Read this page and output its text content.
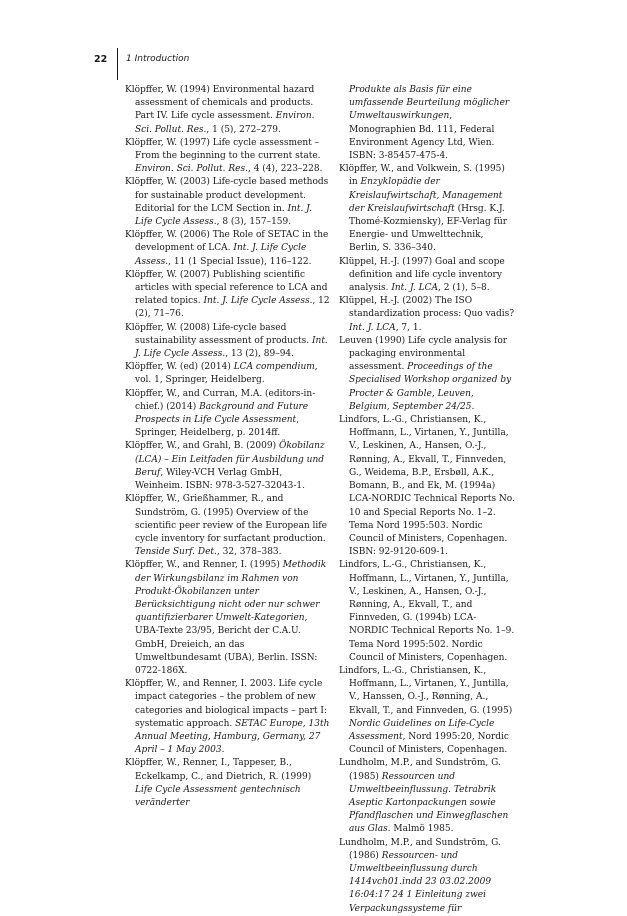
22 1 Introduction

Klöpffer, W. (1994) Environmental hazard assessment of chemicals and products. Part IV. Life cycle assessment. Environ. Sci. Pollut. Res., 1 (5), 272–279.

Klöpffer, W. (1997) Life cycle assessment – From the beginning to the current state. Environ. Sci. Pollut. Res., 4 (4), 223–228.

Klöpffer, W. (2003) Life-cycle based methods for sustainable product development. Editorial for the LCM Section in. Int. J. Life Cycle Assess., 8 (3), 157–159.

Klöpffer, W. (2006) The Role of SETAC in the development of LCA. Int. J. Life Cycle Assess., 11 (1 Special Issue), 116–122.

Klöpffer, W. (2007) Publishing scientific articles with special reference to LCA and related topics. Int. J. Life Cycle Assess., 12 (2), 71–76.

Klöpffer, W. (2008) Life-cycle based sustainability assessment of products. Int. J. Life Cycle Assess., 13 (2), 89–94.

Klöpffer, W. (ed) (2014) LCA compendium, vol. 1, Springer, Heidelberg.

Klöpffer, W., and Curran, M.A. (editors-in-chief.) (2014) Background and Future Prospects in Life Cycle Assessment, Springer, Heidelberg, p. 2014ff.

Klöpffer, W., and Grahl, B. (2009) Ökobilanz (LCA) – Ein Leitfaden für Ausbildung und Beruf, Wiley-VCH Verlag GmbH, Weinheim. ISBN: 978-3-527-32043-1.

Klöpffer, W., Grießhammer, R., and Sundström, G. (1995) Overview of the scientific peer review of the European life cycle inventory for surfactant production. Tenside Surf. Det., 32, 378–383.

Klöpffer, W., and Renner, I. (1995) Methodik der Wirkungsbilanz im Rahmen von Produkt-Ökobilanzen unter Berücksichtigung nicht oder nur schwer quantifizierbarer Umwelt-Kategorien, UBA-Texte 23/95, Bericht der C.A.U. GmbH, Dreieich, an das Umweltbundesamt (UBA), Berlin. ISSN: 0722-186X.

Klöpffer, W., and Renner, I. 2003. Life cycle impact categories – the problem of new categories and biological impacts – part I: systematic approach. SETAC Europe, 13th Annual Meeting, Hamburg, Germany, 27 April – 1 May 2003.

Klöpffer, W., Renner, I., Tappeser, B., Eckelkamp, C., and Dietrich, R. (1999) Life Cycle Assessment gentechnisch veränderter

Produkte als Basis für eine umfassende Beurteilung möglicher Umweltauswirkungen, Monographien Bd. 111, Federal Environment Agency Ltd, Wien. ISBN: 3-85457-475-4.

Klöpffer, W., and Volkwein, S. (1995) in Enzyklopädie der Kreislaufwirtschaft, Management der Kreislaufwirtschaft (Hrsg. K.J. Thomé-Kozmiensky), EF-Verlag für Energie- und Umwelttechnik, Berlin, S. 336–340.

Klüppel, H.-J. (1997) Goal and scope definition and life cycle inventory analysis. Int. J. LCA, 2 (1), 5–8.

Klüppel, H.-J. (2002) The ISO standardization process: Quo vadis? Int. J. LCA, 7, 1.

Leuven (1990) Life cycle analysis for packaging environmental assessment. Proceedings of the Specialised Workshop organized by Procter & Gamble, Leuven, Belgium, September 24/25.

Lindfors, L.-G., Christiansen, K., Hoffmann, L., Virtanen, Y., Juntilla, V., Leskinen, A., Hansen, O.-J., Rønning, A., Ekvall, T., Finnveden, G., Weidema, B.P., Ersbøll, A.K., Bomann, B., and Ek, M. (1994a) LCA-NORDIC Technical Reports No. 10 and Special Reports No. 1–2. Tema Nord 1995:503. Nordic Council of Ministers, Copenhagen. ISBN: 92-9120-609-1.

Lindfors, L.-G., Christiansen, K., Hoffmann, L., Virtanen, Y., Juntilla, V., Leskinen, A., Hansen, O.-J., Rønning, A., Ekvall, T., and Finnveden, G. (1994b) LCA-NORDIC Technical Reports No. 1–9. Tema Nord 1995:502. Nordic Council of Ministers, Copenhagen.

Lindfors, L.-G., Christiansen, K., Hoffmann, L., Virtanen, Y., Juntilla, V., Hanssen, O.-J., Rønning, A., Ekvall, T., and Finnveden, G. (1995) Nordic Guidelines on Life-Cycle Assessment, Nord 1995:20, Nordic Council of Ministers, Copenhagen.

Lundholm, M.P., and Sundström, G. (1985) Ressourcen und Umweltbeeinflussung. Tetrabrik Aseptic Kartonpackungen sowie Pfandflaschen und Einwegflaschen aus Glas. Malmö 1985.

Lundholm, M.P., and Sundström, G. (1986) Ressourcen- und Umweltbeeinflussung durch 1414vch01.indd 23 03.02.2009 16:04:17 24 1 Einleitung zwei Verpackungssysteme für
